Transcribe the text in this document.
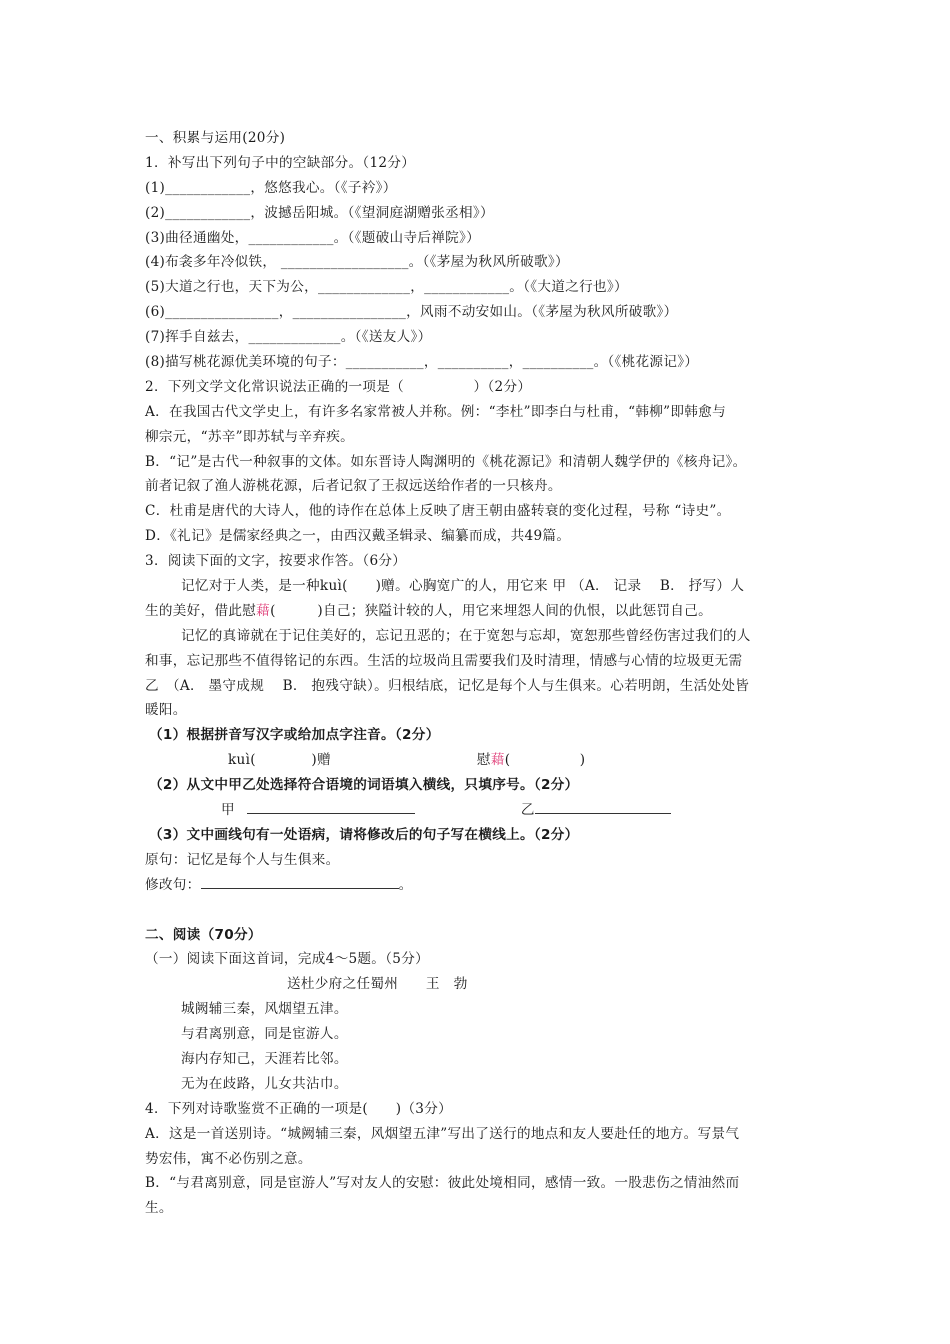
一、积累与运用(20分)
1．补写出下列句子中的空缺部分。（12分）
(1)____________，悠悠我心。（《子衿》）
(2)____________，波撼岳阳城。（《望洞庭湖赠张丞相》）
(3)曲径通幽处，____________。（《题破山寺后禅院》）
(4)布衾多年冷似铁， __________________。（《茅屋为秋风所破歌》）
(5)大道之行也，天下为公，_____________，____________。（《大道之行也》）
(6)________________，________________，风雨不动安如山。（《茅屋为秋风所破歌》）
(7)挥手自兹去，_____________。（《送友人》）
(8)描写桃花源优美环境的句子：___________，__________，__________。（《桃花源记》）
2．下列文学文化常识说法正确的一项是（　　　　　）（2分）
A．在我国古代文学史上，有许多名家常被人并称。例：“李杜”即李白与杜甫，“韩柳”即韩愈与
柳宗元，“苏辛”即苏轼与辛弃疾。
B．“记”是古代一种叙事的文体。如东晋诗人陶渊明的《桃花源记》和清朝人魏学伊的《核舟记》。
前者记叙了渔人游桃花源，后者记叙了王叔远送给作者的一只核舟。
C．杜甫是唐代的大诗人，他的诗作在总体上反映了唐王朝由盛转衰的变化过程，号称 “诗史”。
D．《礼记》是儒家经典之一，由西汉戴圣辑录、编纂而成，共49篇。
3．阅读下面的文字，按要求作答。（6分）
记忆对于人类，是一种kuì(　　)赠。心胸宽广的人，用它来 甲 （A． 记录　 B． 抒写）人
生的美好，借此慰藉(　　　)自己；狭隘计较的人，用它来埋怨人间的仇恨，以此惩罚自己。
记忆的真谛就在于记住美好的，忘记丑恶的；在于宽恕与忘却，宽恕那些曾经伤害过我们的人
和事，忘记那些不值得铭记的东西。生活的垃圾尚且需要我们及时清理，情感与心情的垃圾更无需
乙　（A． 墨守成规　 B． 抱残守缺）。归根结底，记忆是每个人与生俱来。心若明朗，生活处处皆
暖阳。
（1）根据拼音写汉字或给加点字注音。（2分）
kuì(　　　　)赠	慰藉(　　　　　)
（2）从文中甲乙处选择符合语境的词语填入横线，只填序号。（2分）
甲	乙
（3）文中画线句有一处语病，请将修改后的句子写在横线上。（2分）
原句：记忆是每个人与生俱来。
修改句：	。
二、阅读（70分）
（一）阅读下面这首词，完成4～5题。（5分）
送杜少府之任蜀州　　王　勃
城阙辅三秦，风烟望五津。
与君离别意，同是宦游人。
海内存知己，天涯若比邻。
无为在歧路，儿女共沾巾。
4．下列对诗歌鉴赏不正确的一项是(　　)（3分）
A．这是一首送别诗。“城阙辅三秦，风烟望五津”写出了送行的地点和友人要赴任的地方。写景气
势宏伟，寓不必伤别之意。
B．“与君离别意，同是宦游人”写对友人的安慰：彼此处境相同，感情一致。一股悲伤之情油然而
生。
